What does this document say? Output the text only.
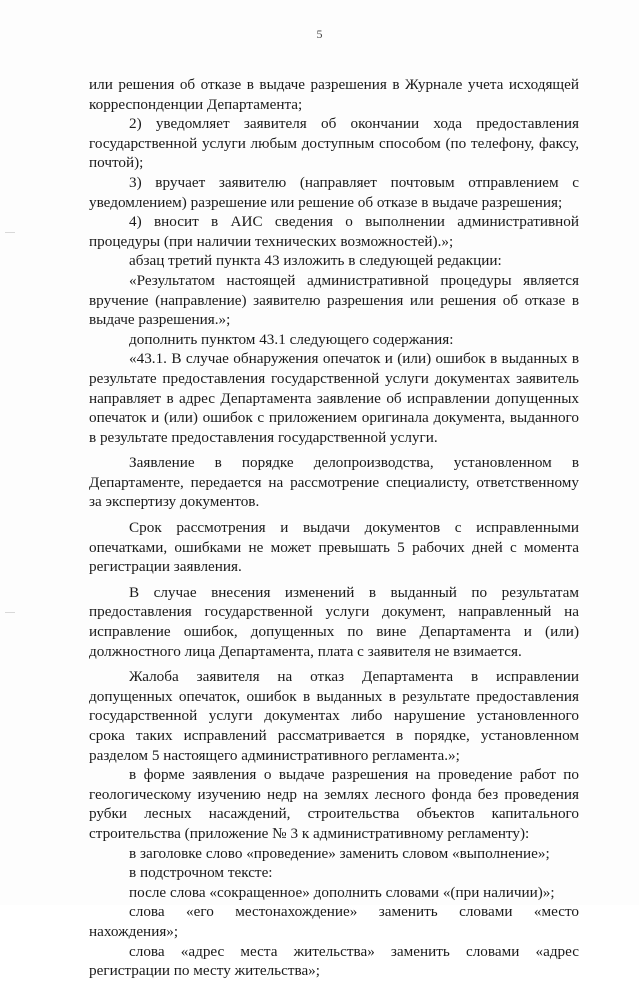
5

или решения об отказе в выдаче разрешения в Журнале учета исходящей корреспонденции Департамента;

2) уведомляет заявителя об окончании хода предоставления государственной услуги любым доступным способом (по телефону, факсу, почтой);

3) вручает заявителю (направляет почтовым отправлением с уведомлением) разрешение или решение об отказе в выдаче разрешения;

4) вносит в АИС сведения о выполнении административной процедуры (при наличии технических возможностей).»;

абзац третий пункта 43 изложить в следующей редакции:

«Результатом настоящей административной процедуры является вручение (направление) заявителю разрешения или решения об отказе в выдаче разрешения.»;

дополнить пунктом 43.1 следующего содержания:

«43.1. В случае обнаружения опечаток и (или) ошибок в выданных в результате предоставления государственной услуги документах заявитель направляет в адрес Департамента заявление об исправлении допущенных опечаток и (или) ошибок с приложением оригинала документа, выданного в результате предоставления государственной услуги.

Заявление в порядке делопроизводства, установленном в Департаменте, передается на рассмотрение специалисту, ответственному за экспертизу документов.

Срок рассмотрения и выдачи документов с исправленными опечатками, ошибками не может превышать 5 рабочих дней с момента регистрации заявления.

В случае внесения изменений в выданный по результатам предоставления государственной услуги документ, направленный на исправление ошибок, допущенных по вине Департамента и (или) должностного лица Департамента, плата с заявителя не взимается.

Жалоба заявителя на отказ Департамента в исправлении допущенных опечаток, ошибок в выданных в результате предоставления государственной услуги документах либо нарушение установленного срока таких исправлений рассматривается в порядке, установленном разделом 5 настоящего административного регламента.»;

в форме заявления о выдаче разрешения на проведение работ по геологическому изучению недр на землях лесного фонда без проведения рубки лесных насаждений, строительства объектов капитального строительства (приложение № 3 к административному регламенту):

в заголовке слово «проведение» заменить словом «выполнение»;

в подстрочном тексте:

после слова «сокращенное» дополнить словами «(при наличии)»;

слова «его местонахождение» заменить словами «место нахождения»;

слова «адрес места жительства» заменить словами «адрес регистрации по месту жительства»;
